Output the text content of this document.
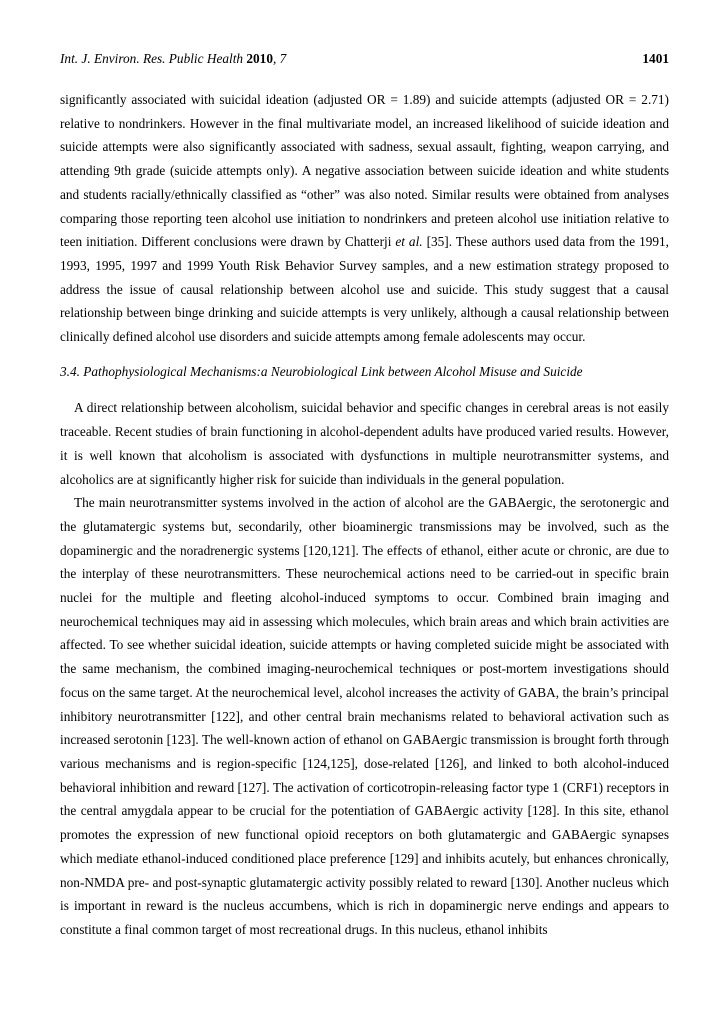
Int. J. Environ. Res. Public Health 2010, 7	1401

significantly associated with suicidal ideation (adjusted OR = 1.89) and suicide attempts (adjusted OR = 2.71) relative to nondrinkers. However in the final multivariate model, an increased likelihood of suicide ideation and suicide attempts were also significantly associated with sadness, sexual assault, fighting, weapon carrying, and attending 9th grade (suicide attempts only). A negative association between suicide ideation and white students and students racially/ethnically classified as “other” was also noted. Similar results were obtained from analyses comparing those reporting teen alcohol use initiation to nondrinkers and preteen alcohol use initiation relative to teen initiation. Different conclusions were drawn by Chatterji et al. [35]. These authors used data from the 1991, 1993, 1995, 1997 and 1999 Youth Risk Behavior Survey samples, and a new estimation strategy proposed to address the issue of causal relationship between alcohol use and suicide. This study suggest that a causal relationship between binge drinking and suicide attempts is very unlikely, although a causal relationship between clinically defined alcohol use disorders and suicide attempts among female adolescents may occur.

3.4. Pathophysiological Mechanisms:a Neurobiological Link between Alcohol Misuse and Suicide

A direct relationship between alcoholism, suicidal behavior and specific changes in cerebral areas is not easily traceable. Recent studies of brain functioning in alcohol-dependent adults have produced varied results. However, it is well known that alcoholism is associated with dysfunctions in multiple neurotransmitter systems, and alcoholics are at significantly higher risk for suicide than individuals in the general population.

The main neurotransmitter systems involved in the action of alcohol are the GABAergic, the serotonergic and the glutamatergic systems but, secondarily, other bioaminergic transmissions may be involved, such as the dopaminergic and the noradrenergic systems [120,121]. The effects of ethanol, either acute or chronic, are due to the interplay of these neurotransmitters. These neurochemical actions need to be carried-out in specific brain nuclei for the multiple and fleeting alcohol-induced symptoms to occur. Combined brain imaging and neurochemical techniques may aid in assessing which molecules, which brain areas and which brain activities are affected. To see whether suicidal ideation, suicide attempts or having completed suicide might be associated with the same mechanism, the combined imaging-neurochemical techniques or post-mortem investigations should focus on the same target. At the neurochemical level, alcohol increases the activity of GABA, the brain’s principal inhibitory neurotransmitter [122], and other central brain mechanisms related to behavioral activation such as increased serotonin [123]. The well-known action of ethanol on GABAergic transmission is brought forth through various mechanisms and is region-specific [124,125], dose-related [126], and linked to both alcohol-induced behavioral inhibition and reward [127]. The activation of corticotropin-releasing factor type 1 (CRF1) receptors in the central amygdala appear to be crucial for the potentiation of GABAergic activity [128]. In this site, ethanol promotes the expression of new functional opioid receptors on both glutamatergic and GABAergic synapses which mediate ethanol-induced conditioned place preference [129] and inhibits acutely, but enhances chronically, non-NMDA pre- and post-synaptic glutamatergic activity possibly related to reward [130]. Another nucleus which is important in reward is the nucleus accumbens, which is rich in dopaminergic nerve endings and appears to constitute a final common target of most recreational drugs. In this nucleus, ethanol inhibits
